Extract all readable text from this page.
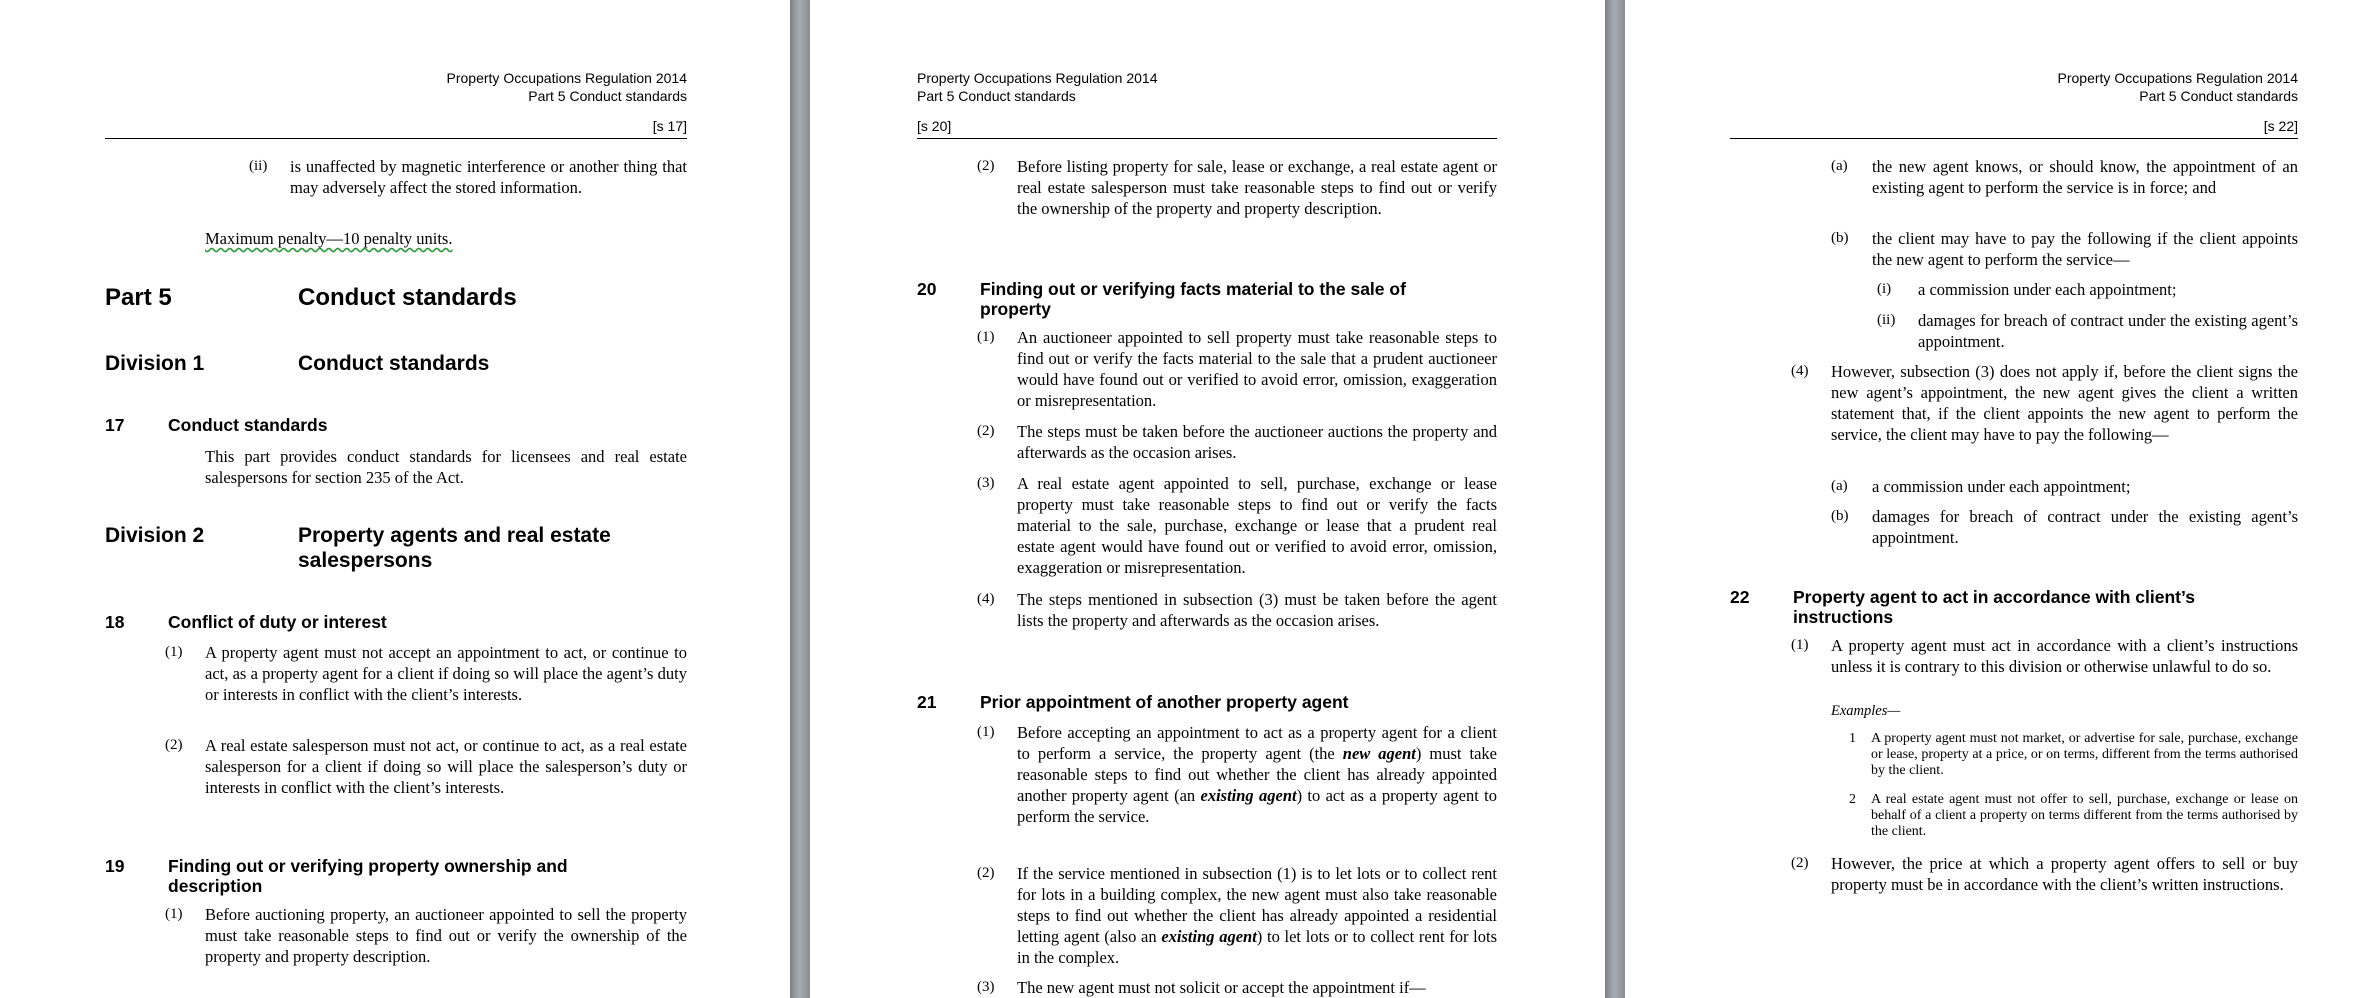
Property Occupations Regulation 2014
Part 5 Conduct standards
[s 17]
(ii) is unaffected by magnetic interference or another thing that may adversely affect the stored information.
Maximum penalty—10 penalty units.
Part 5	Conduct standards
Division 1	Conduct standards
17 Conduct standards
This part provides conduct standards for licensees and real estate salespersons for section 235 of the Act.
Division 2	Property agents and real estate salespersons
18 Conflict of duty or interest
(1) A property agent must not accept an appointment to act, or continue to act, as a property agent for a client if doing so will place the agent’s duty or interests in conflict with the client’s interests.
(2) A real estate salesperson must not act, or continue to act, as a real estate salesperson for a client if doing so will place the salesperson’s duty or interests in conflict with the client’s interests.
19 Finding out or verifying property ownership and description
(1) Before auctioning property, an auctioneer appointed to sell the property must take reasonable steps to find out or verify the ownership of the property and property description.
Property Occupations Regulation 2014
Part 5 Conduct standards
[s 20]
(2) Before listing property for sale, lease or exchange, a real estate agent or real estate salesperson must take reasonable steps to find out or verify the ownership of the property and property description.
20 Finding out or verifying facts material to the sale of property
(1) An auctioneer appointed to sell property must take reasonable steps to find out or verify the facts material to the sale that a prudent auctioneer would have found out or verified to avoid error, omission, exaggeration or misrepresentation.
(2) The steps must be taken before the auctioneer auctions the property and afterwards as the occasion arises.
(3) A real estate agent appointed to sell, purchase, exchange or lease property must take reasonable steps to find out or verify the facts material to the sale, purchase, exchange or lease that a prudent real estate agent would have found out or verified to avoid error, omission, exaggeration or misrepresentation.
(4) The steps mentioned in subsection (3) must be taken before the agent lists the property and afterwards as the occasion arises.
21 Prior appointment of another property agent
(1) Before accepting an appointment to act as a property agent for a client to perform a service, the property agent (the new agent) must take reasonable steps to find out whether the client has already appointed another property agent (an existing agent) to act as a property agent to perform the service.
(2) If the service mentioned in subsection (1) is to let lots or to collect rent for lots in a building complex, the new agent must also take reasonable steps to find out whether the client has already appointed a residential letting agent (also an existing agent) to let lots or to collect rent for lots in the complex.
(3) The new agent must not solicit or accept the appointment if—
Property Occupations Regulation 2014
Part 5 Conduct standards
[s 22]
(a) the new agent knows, or should know, the appointment of an existing agent to perform the service is in force; and
(b) the client may have to pay the following if the client appoints the new agent to perform the service—
(i) a commission under each appointment;
(ii) damages for breach of contract under the existing agent’s appointment.
(4) However, subsection (3) does not apply if, before the client signs the new agent’s appointment, the new agent gives the client a written statement that, if the client appoints the new agent to perform the service, the client may have to pay the following—
(a) a commission under each appointment;
(b) damages for breach of contract under the existing agent’s appointment.
22 Property agent to act in accordance with client’s instructions
(1) A property agent must act in accordance with a client’s instructions unless it is contrary to this division or otherwise unlawful to do so.
Examples—
1 A property agent must not market, or advertise for sale, purchase, exchange or lease, property at a price, or on terms, different from the terms authorised by the client.
2 A real estate agent must not offer to sell, purchase, exchange or lease on behalf of a client a property on terms different from the terms authorised by the client.
(2) However, the price at which a property agent offers to sell or buy property must be in accordance with the client’s written instructions.
